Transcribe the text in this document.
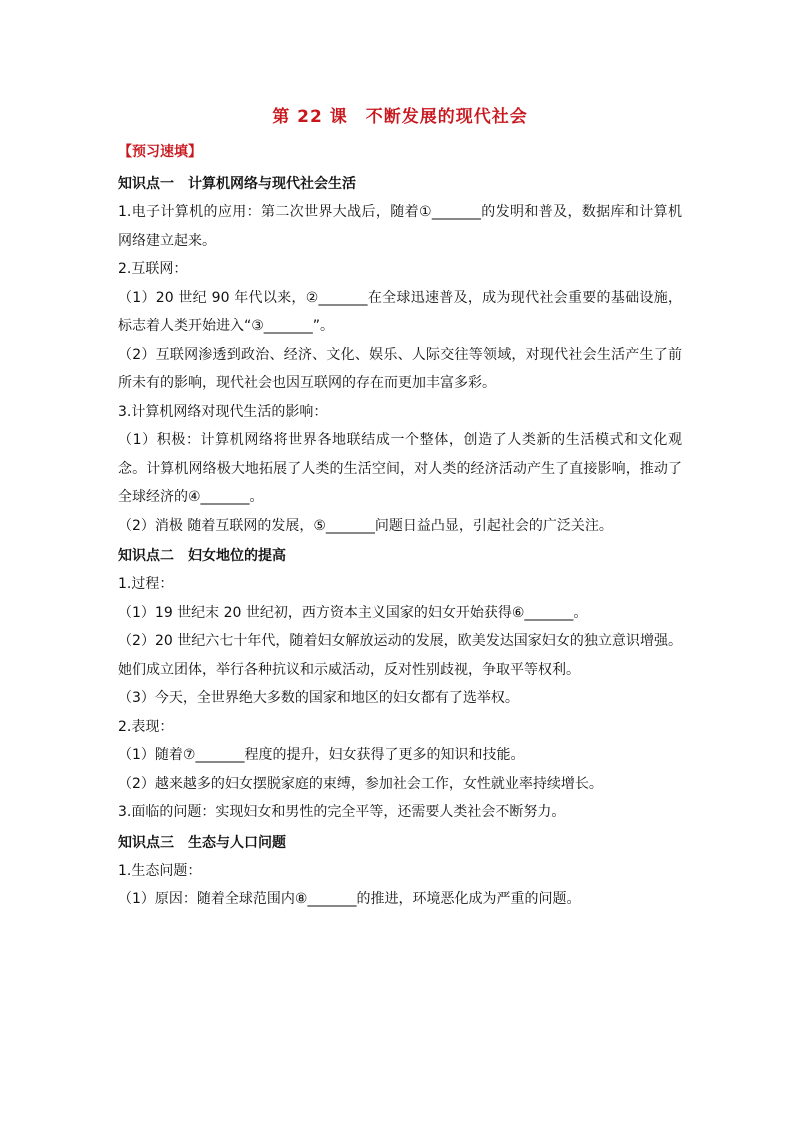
第 22 课　不断发展的现代社会
【预习速填】
知识点一　计算机网络与现代社会生活

1.电子计算机的应用：第二次世界大战后，随着①_______的发明和普及，数据库和计算机网络建立起来。

2.互联网：

（1）20 世纪 90 年代以来，②_______在全球迅速普及，成为现代社会重要的基础设施，标志着人类开始进入“③_______”。

（2）互联网渗透到政治、经济、文化、娱乐、人际交往等领域，对现代社会生活产生了前所未有的影响，现代社会也因互联网的存在而更加丰富多彩。

3.计算机网络对现代生活的影响：

（1）积极：计算机网络将世界各地联结成一个整体，创造了人类新的生活模式和文化观念。计算机网络极大地拓展了人类的生活空间，对人类的经济活动产生了直接影响，推动了全球经济的④_______。

（2）消极 随着互联网的发展，⑤_______问题日益凸显，引起社会的广泛关注。

知识点二　妇女地位的提高

1.过程：

（1）19 世纪末 20 世纪初，西方资本主义国家的妇女开始获得⑥_______。

（2）20 世纪六七十年代，随着妇女解放运动的发展，欧美发达国家妇女的独立意识增强。她们成立团体，举行各种抗议和示威活动，反对性别歧视，争取平等权利。

（3）今天，全世界绝大多数的国家和地区的妇女都有了选举权。

2.表现：

（1）随着⑦_______程度的提升，妇女获得了更多的知识和技能。

（2）越来越多的妇女摆脱家庭的束缚，参加社会工作，女性就业率持续增长。

3.面临的问题：实现妇女和男性的完全平等，还需要人类社会不断努力。

知识点三　生态与人口问题

1.生态问题：

（1）原因：随着全球范围内⑧_______的推进，环境恶化成为严重的问题。
